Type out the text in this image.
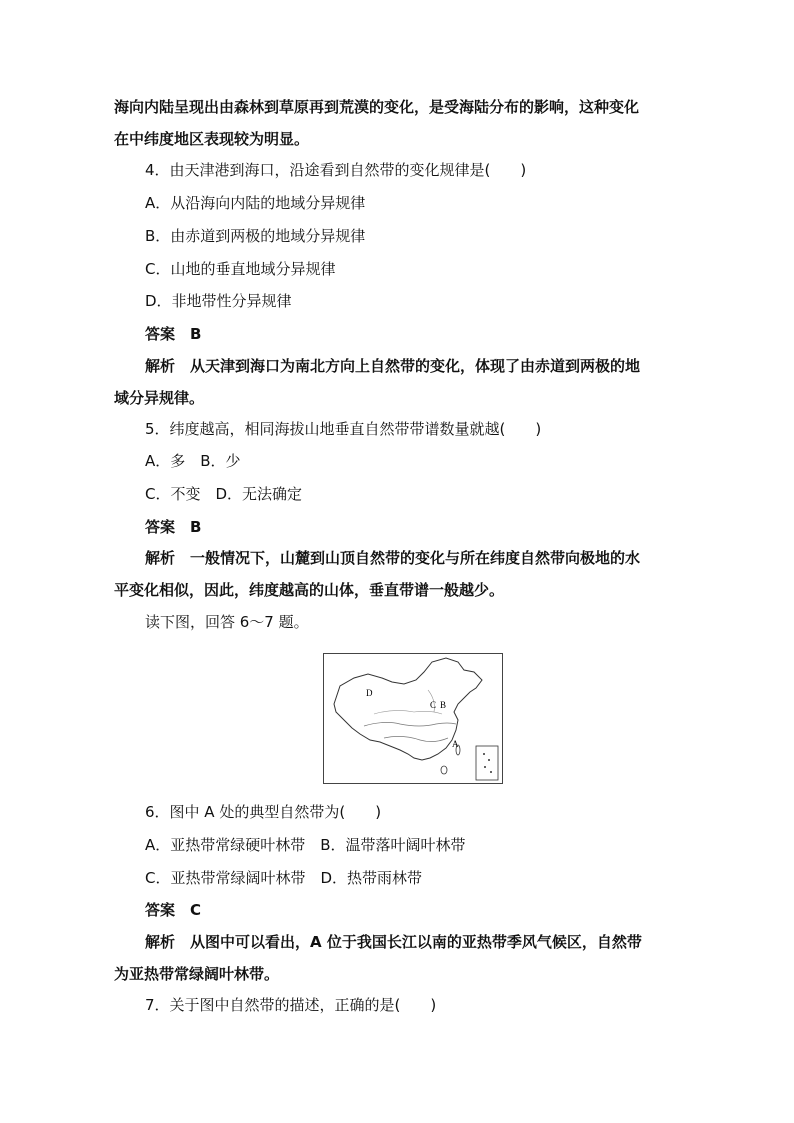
海向内陆呈现出由森林到草原再到荒漠的变化，是受海陆分布的影响，这种变化
在中纬度地区表现较为明显。
4．由天津港到海口，沿途看到自然带的变化规律是(　　)
A．从沿海向内陆的地域分异规律
B．由赤道到两极的地域分异规律
C．山地的垂直地域分异规律
D．非地带性分异规律
答案　B
解析　从天津到海口为南北方向上自然带的变化，体现了由赤道到两极的地
域分异规律。
5．纬度越高，相同海拔山地垂直自然带带谱数量就越(　　)
A．多　B．少
C．不变　D．无法确定
答案　B
解析　一般情况下，山麓到山顶自然带的变化与所在纬度自然带向极地的水
平变化相似，因此，纬度越高的山体，垂直带谱一般越少。
读下图，回答 6～7 题。
D
C B
A
6．图中 A 处的典型自然带为(　　)
A．亚热带常绿硬叶林带　B．温带落叶阔叶林带
C．亚热带常绿阔叶林带　D．热带雨林带
答案　C
解析　从图中可以看出，A 位于我国长江以南的亚热带季风气候区，自然带
为亚热带常绿阔叶林带。
7．关于图中自然带的描述，正确的是(　　)
